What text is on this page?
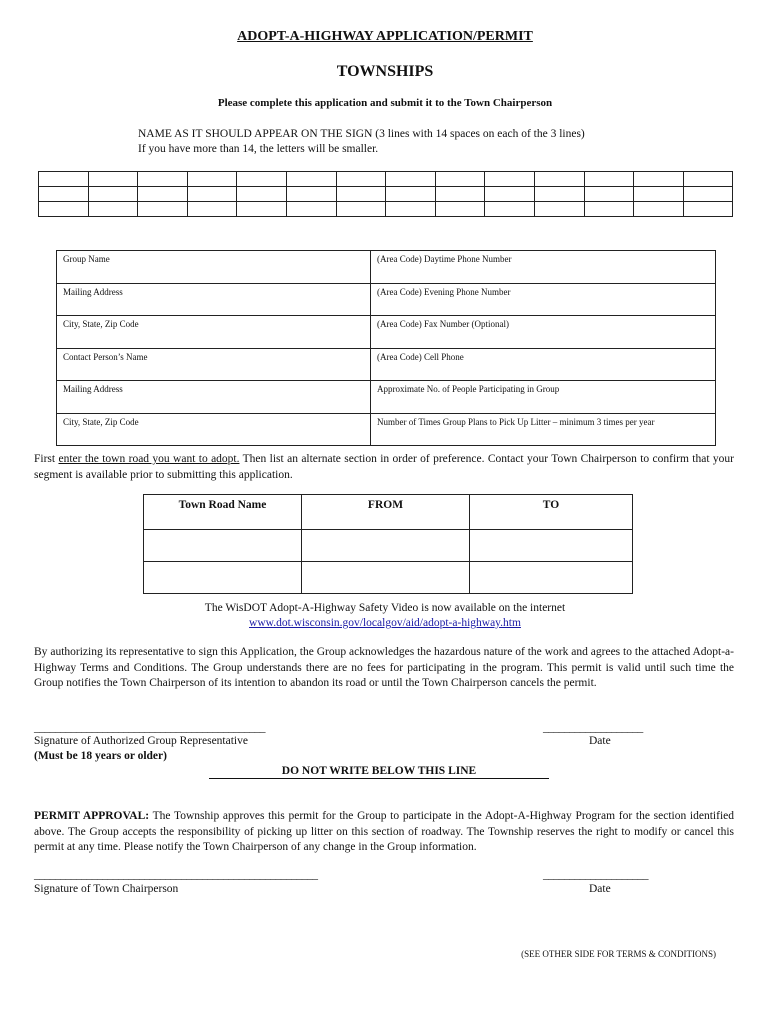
ADOPT-A-HIGHWAY APPLICATION/PERMIT
TOWNSHIPS
Please complete this application and submit it to the Town Chairperson
NAME AS IT SHOULD APPEAR ON THE SIGN (3 lines with 14 spaces on each of the 3 lines)
If you have more than 14, the letters will be smaller.

Group Name	(Area Code) Daytime Phone Number
Mailing Address	(Area Code) Evening Phone Number
City, State, Zip Code	(Area Code) Fax Number (Optional)
Contact Person’s Name	(Area Code) Cell Phone
Mailing Address	Approximate No. of People Participating in Group
City, State, Zip Code	Number of Times Group Plans to Pick Up Litter – minimum 3 times per year
First enter the town road you want to adopt. Then list an alternate section in order of preference. Contact your Town Chairperson to confirm that your segment is available prior to submitting this application.
Town Road Name	FROM	TO

The WisDOT Adopt-A-Highway Safety Video is now available on the internet
www.dot.wisconsin.gov/localgov/aid/adopt-a-highway.htm
By authorizing its representative to sign this Application, the Group acknowledges the hazardous nature of the work and agrees to the attached Adopt-a-Highway Terms and Conditions. The Group understands there are no fees for participating in the program. This permit is valid until such time the Group notifies the Town Chairperson of its intention to abandon its road or until the Town Chairperson cancels the permit.
____________________________________________	___________________
Signature of Authorized Group Representative	Date
(Must be 18 years or older)
DO NOT WRITE BELOW THIS LINE
PERMIT APPROVAL: The Township approves this permit for the Group to participate in the Adopt-A-Highway Program for the section identified above. The Group accepts the responsibility of picking up litter on this section of roadway. The Township reserves the right to modify or cancel this permit at any time. Please notify the Town Chairperson of any change in the Group information.
______________________________________________________	____________________
Signature of Town Chairperson	Date
(SEE OTHER SIDE FOR TERMS & CONDITIONS)
